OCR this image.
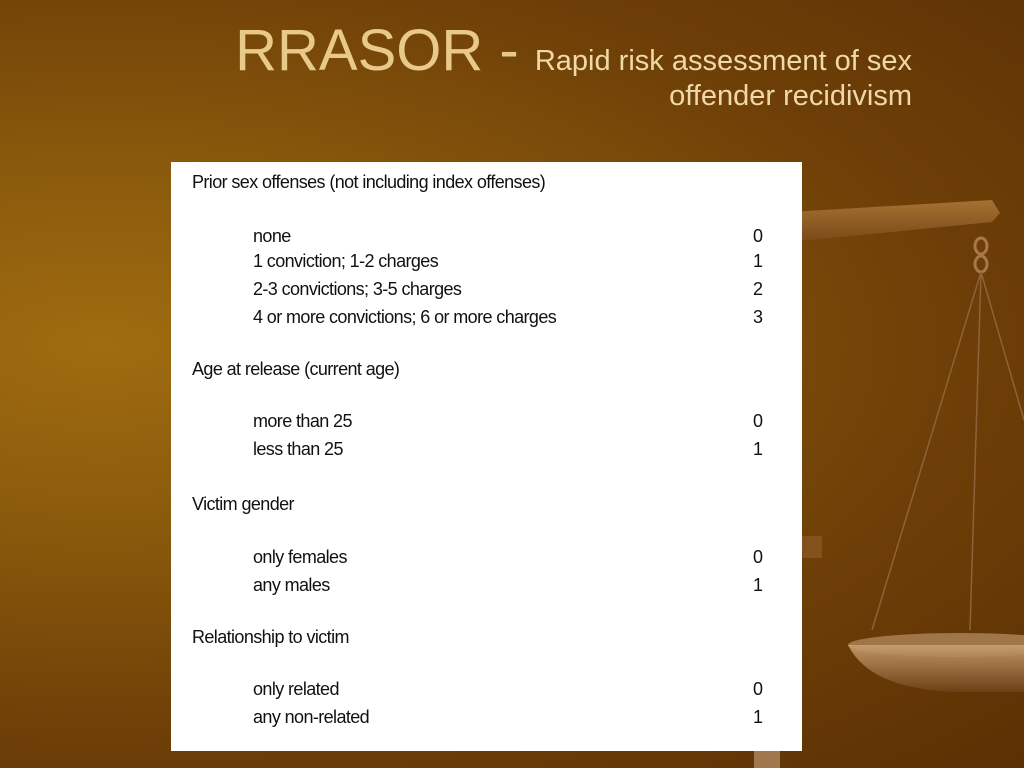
RRASOR - Rapid risk assessment of sex
offender recidivism
Prior sex offenses (not including index offenses)
none	0
1 conviction; 1-2 charges	1
2-3 convictions; 3-5 charges	2
4 or more convictions; 6 or more charges	3
Age at release (current age)
more than 25	0
less than 25	1
Victim gender
only females	0
any males	1
Relationship to victim
only related	0
any non-related	1
